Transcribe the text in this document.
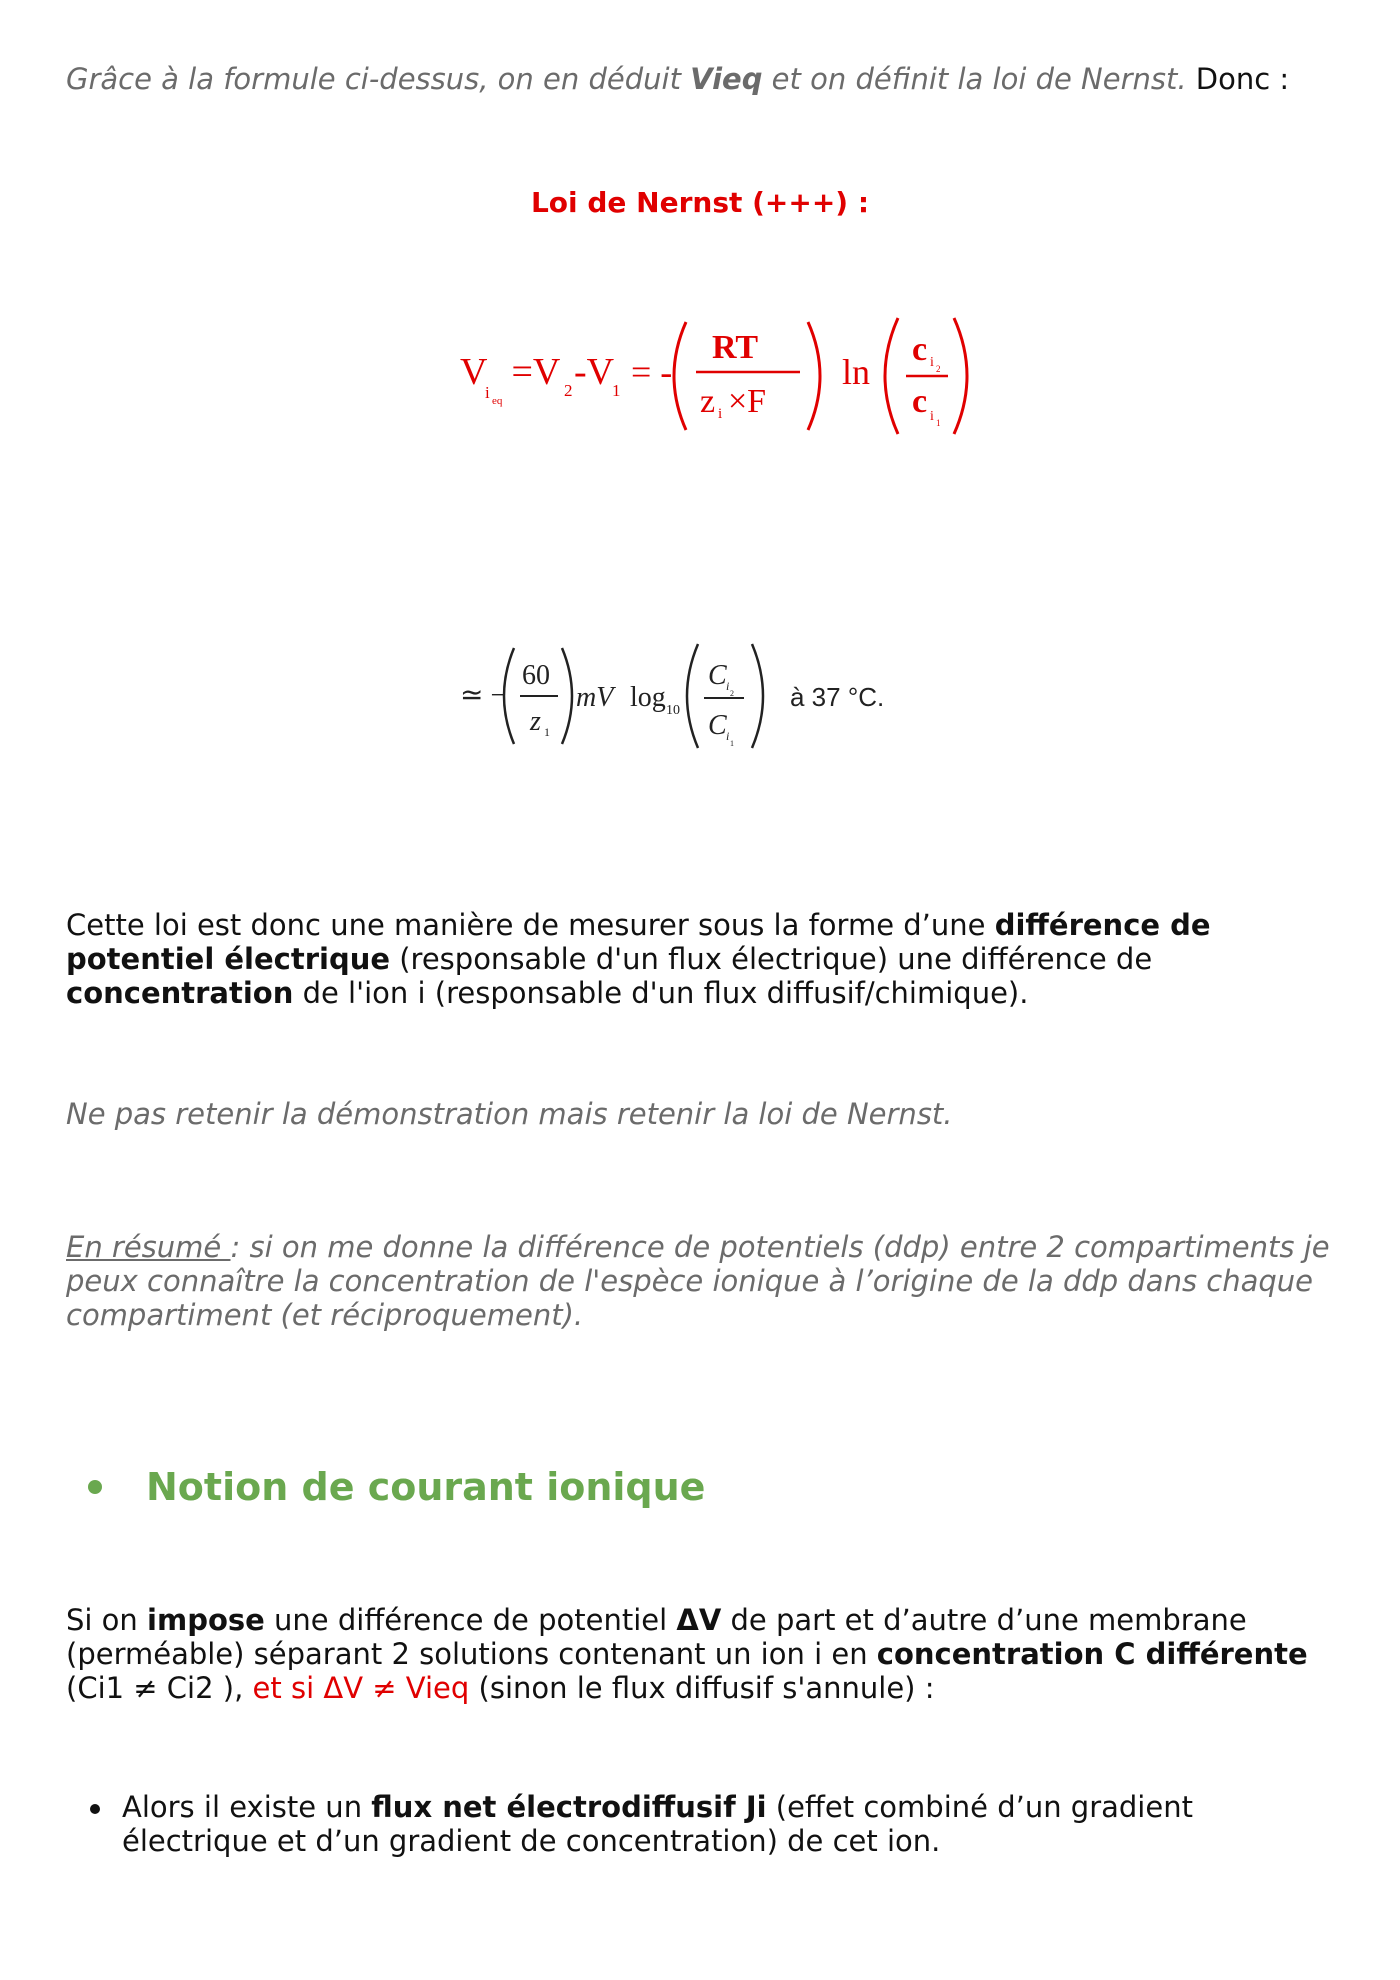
Grâce à la formule ci-dessus, on en déduit Vieq et on définit la loi de Nernst. Donc :

Loi de Nernst (+++) :

V
i eq
=V 2 -V
1 = -
RT
z i ×F
ln
c i 2
c i 1
≃ −
60
z 1
mV log 10
C i
2
C i
1
à 37 °C.

Cette loi est donc une manière de mesurer sous la forme d’une différence de potentiel électrique (responsable d'un flux électrique) une différence de concentration de l'ion i (responsable d'un flux diffusif/chimique).

Ne pas retenir la démonstration mais retenir la loi de Nernst.

En résumé : si on me donne la différence de potentiels (ddp) entre 2 compartiments je peux connaître la concentration de l'espèce ionique à l’origine de la ddp dans chaque compartiment (et réciproquement).

Notion de courant ionique

Si on impose une différence de potentiel ΔV de part et d’autre d’une membrane (perméable) séparant 2 solutions contenant un ion i en concentration C différente (Ci1 ≠ Ci2 ), et si ΔV ≠ Vieq (sinon le flux diffusif s'annule) :

Alors il existe un flux net électrodiffusif Ji (effet combiné d’un gradient électrique et d’un gradient de concentration) de cet ion.
